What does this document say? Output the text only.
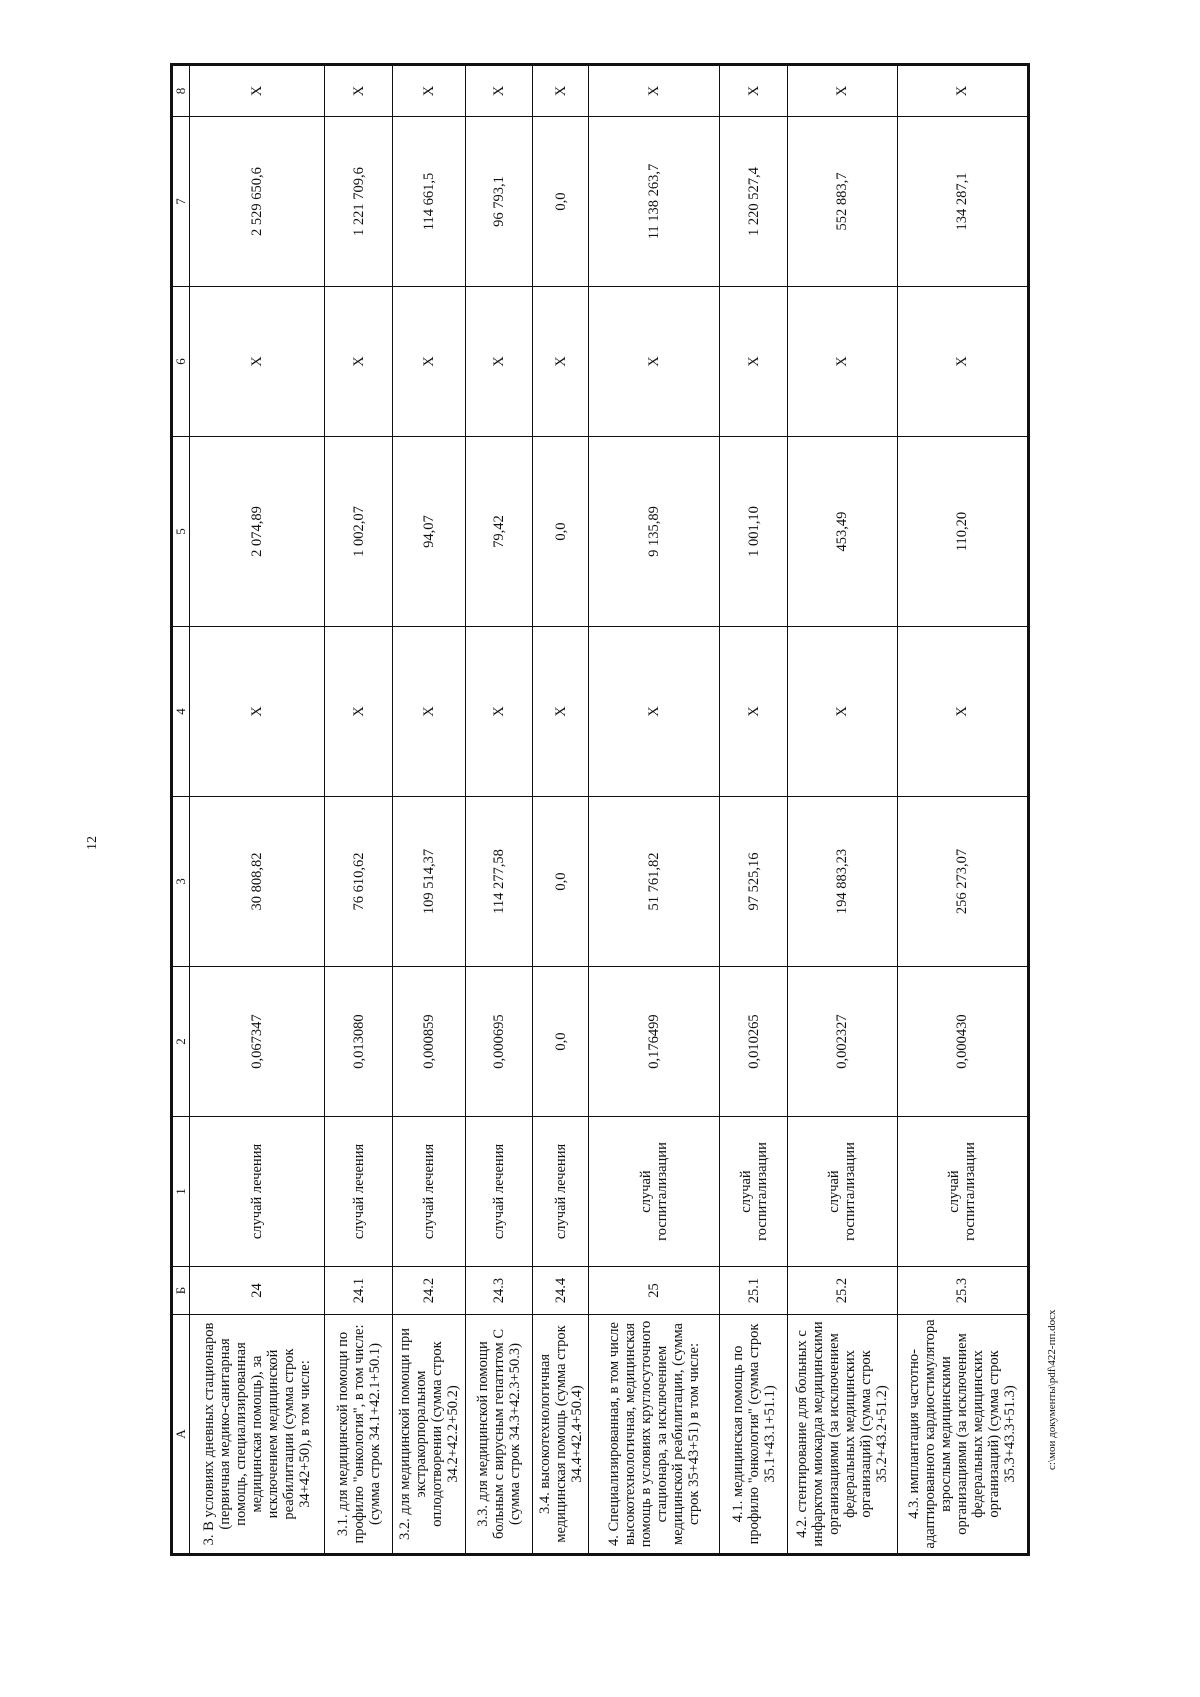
12
A	Б	1	2	3	4	5	6	7	8
3. В условиях дневных стационаров (первичная медико-санитарная помощь, специализированная медицинская помощь), за исключением медицинской реабилитации (сумма строк 34+42+50), в том числе:	24	случай лечения	0,067347	30 808,82	Х	2 074,89	Х	2 529 650,6	Х
3.1. для медицинской помощи по профилю "онкология", в том числе: (сумма строк 34.1+42.1+50.1)	24.1	случай лечения	0,013080	76 610,62	Х	1 002,07	Х	1 221 709,6	Х
3.2. для медицинской помощи при экстракорпоральном оплодотворении (сумма строк 34.2+42.2+50.2)	24.2	случай лечения	0,000859	109 514,37	Х	94,07	Х	114 661,5	Х
3.3. для медицинской помощи больным с вирусным гепатитом С (сумма строк 34.3+42.3+50.3)	24.3	случай лечения	0,000695	114 277,58	Х	79,42	Х	96 793,1	Х
3.4. высокотехнологичная медицинская помощь (сумма строк 34.4+42.4+50.4)	24.4	случай лечения	0,0	0,0	Х	0,0	Х	0,0	Х
4. Специализированная, в том числе высокотехнологичная, медицинская помощь в условиях круглосуточного стационара, за исключением медицинской реабилитации, (сумма строк 35+43+51) в том числе:	25	случай госпитализации	0,176499	51 761,82	Х	9 135,89	Х	11 138 263,7	Х
4.1. медицинская помощь по профилю "онкология" (сумма строк 35.1+43.1+51.1)	25.1	случай госпитализации	0,010265	97 525,16	Х	1 001,10	Х	1 220 527,4	Х
4.2. стентирование для больных с инфарктом миокарда медицинскими организациями (за исключением федеральных медицинских организаций) (сумма строк 35.2+43.2+51.2)	25.2	случай госпитализации	0,002327	194 883,23	Х	453,49	Х	552 883,7	Х
4.3. имплантация частотно-адаптированного кардиостимулятора взрослым медицинскими организациями (за исключением федеральных медицинских организаций) (сумма строк 35.3+43.3+51.3)	25.3	случай госпитализации	0,000430	256 273,07	Х	110,20	Х	134 287,1	Х
c:\мои документы\pdf\422-пп.docx
